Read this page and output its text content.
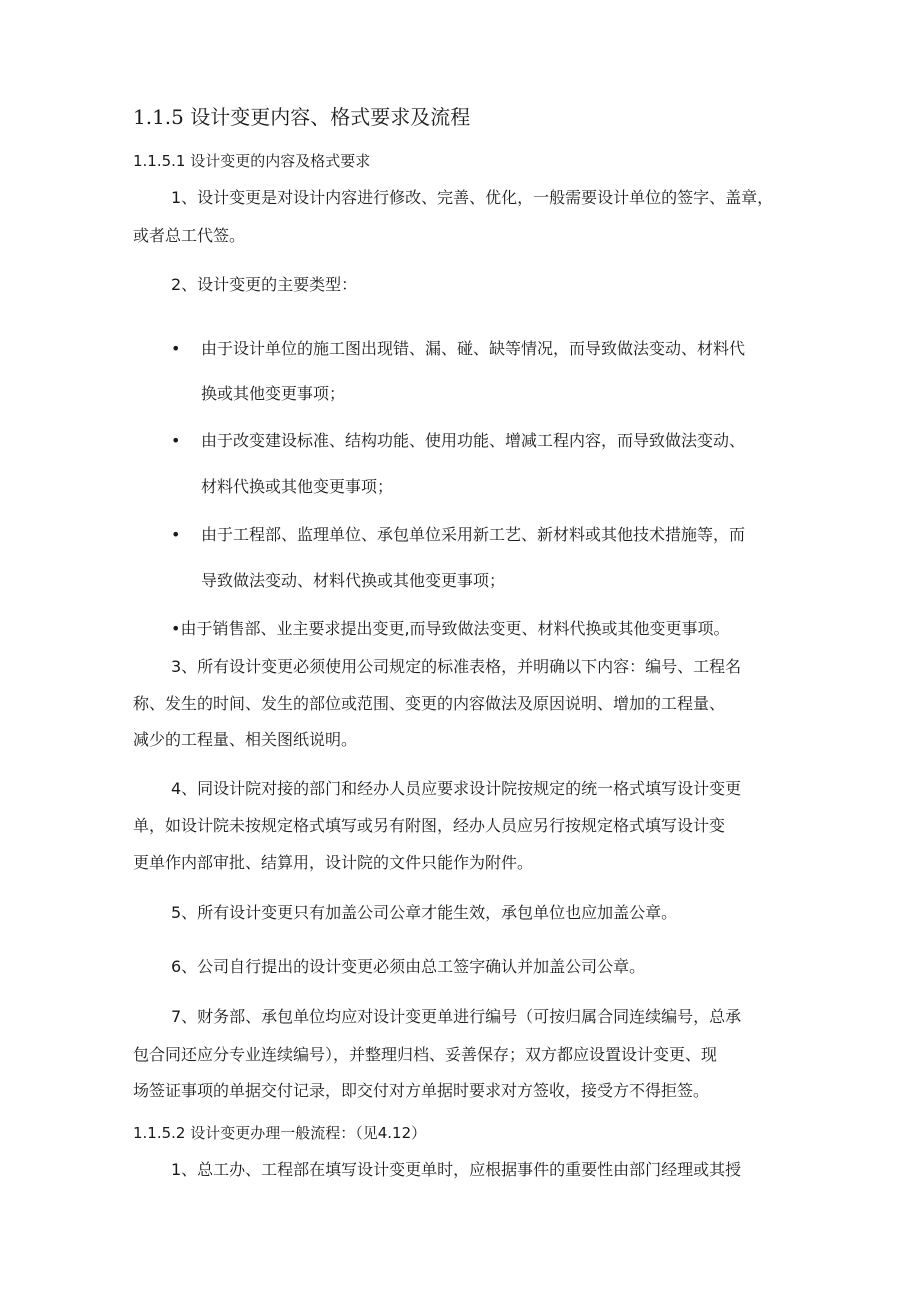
1.1.5 设计变更内容、格式要求及流程
1.1.5.1 设计变更的内容及格式要求
1、设计变更是对设计内容进行修改、完善、优化，一般需要设计单位的签字、盖章，
或者总工代签。
2、设计变更的主要类型：
• 由于设计单位的施工图出现错、漏、碰、缺等情况，而导致做法变动、材料代
换或其他变更事项；
• 由于改变建设标准、结构功能、使用功能、增减工程内容，而导致做法变动、
材料代换或其他变更事项；
• 由于工程部、监理单位、承包单位采用新工艺、新材料或其他技术措施等，而
导致做法变动、材料代换或其他变更事项；
•由于销售部、业主要求提出变更,而导致做法变更、材料代换或其他变更事项。
3、所有设计变更必须使用公司规定的标准表格，并明确以下内容：编号、工程名
称、发生的时间、发生的部位或范围、变更的内容做法及原因说明、增加的工程量、
减少的工程量、相关图纸说明。
4、同设计院对接的部门和经办人员应要求设计院按规定的统一格式填写设计变更
单，如设计院未按规定格式填写或另有附图，经办人员应另行按规定格式填写设计变
更单作内部审批、结算用，设计院的文件只能作为附件。
5、所有设计变更只有加盖公司公章才能生效，承包单位也应加盖公章。
6、公司自行提出的设计变更必须由总工签字确认并加盖公司公章。
7、财务部、承包单位均应对设计变更单进行编号（可按归属合同连续编号，总承
包合同还应分专业连续编号），并整理归档、妥善保存；双方都应设置设计变更、现
场签证事项的单据交付记录，即交付对方单据时要求对方签收，接受方不得拒签。
1.1.5.2 设计变更办理一般流程：（见4.12）
1、总工办、工程部在填写设计变更单时，应根据事件的重要性由部门经理或其授
